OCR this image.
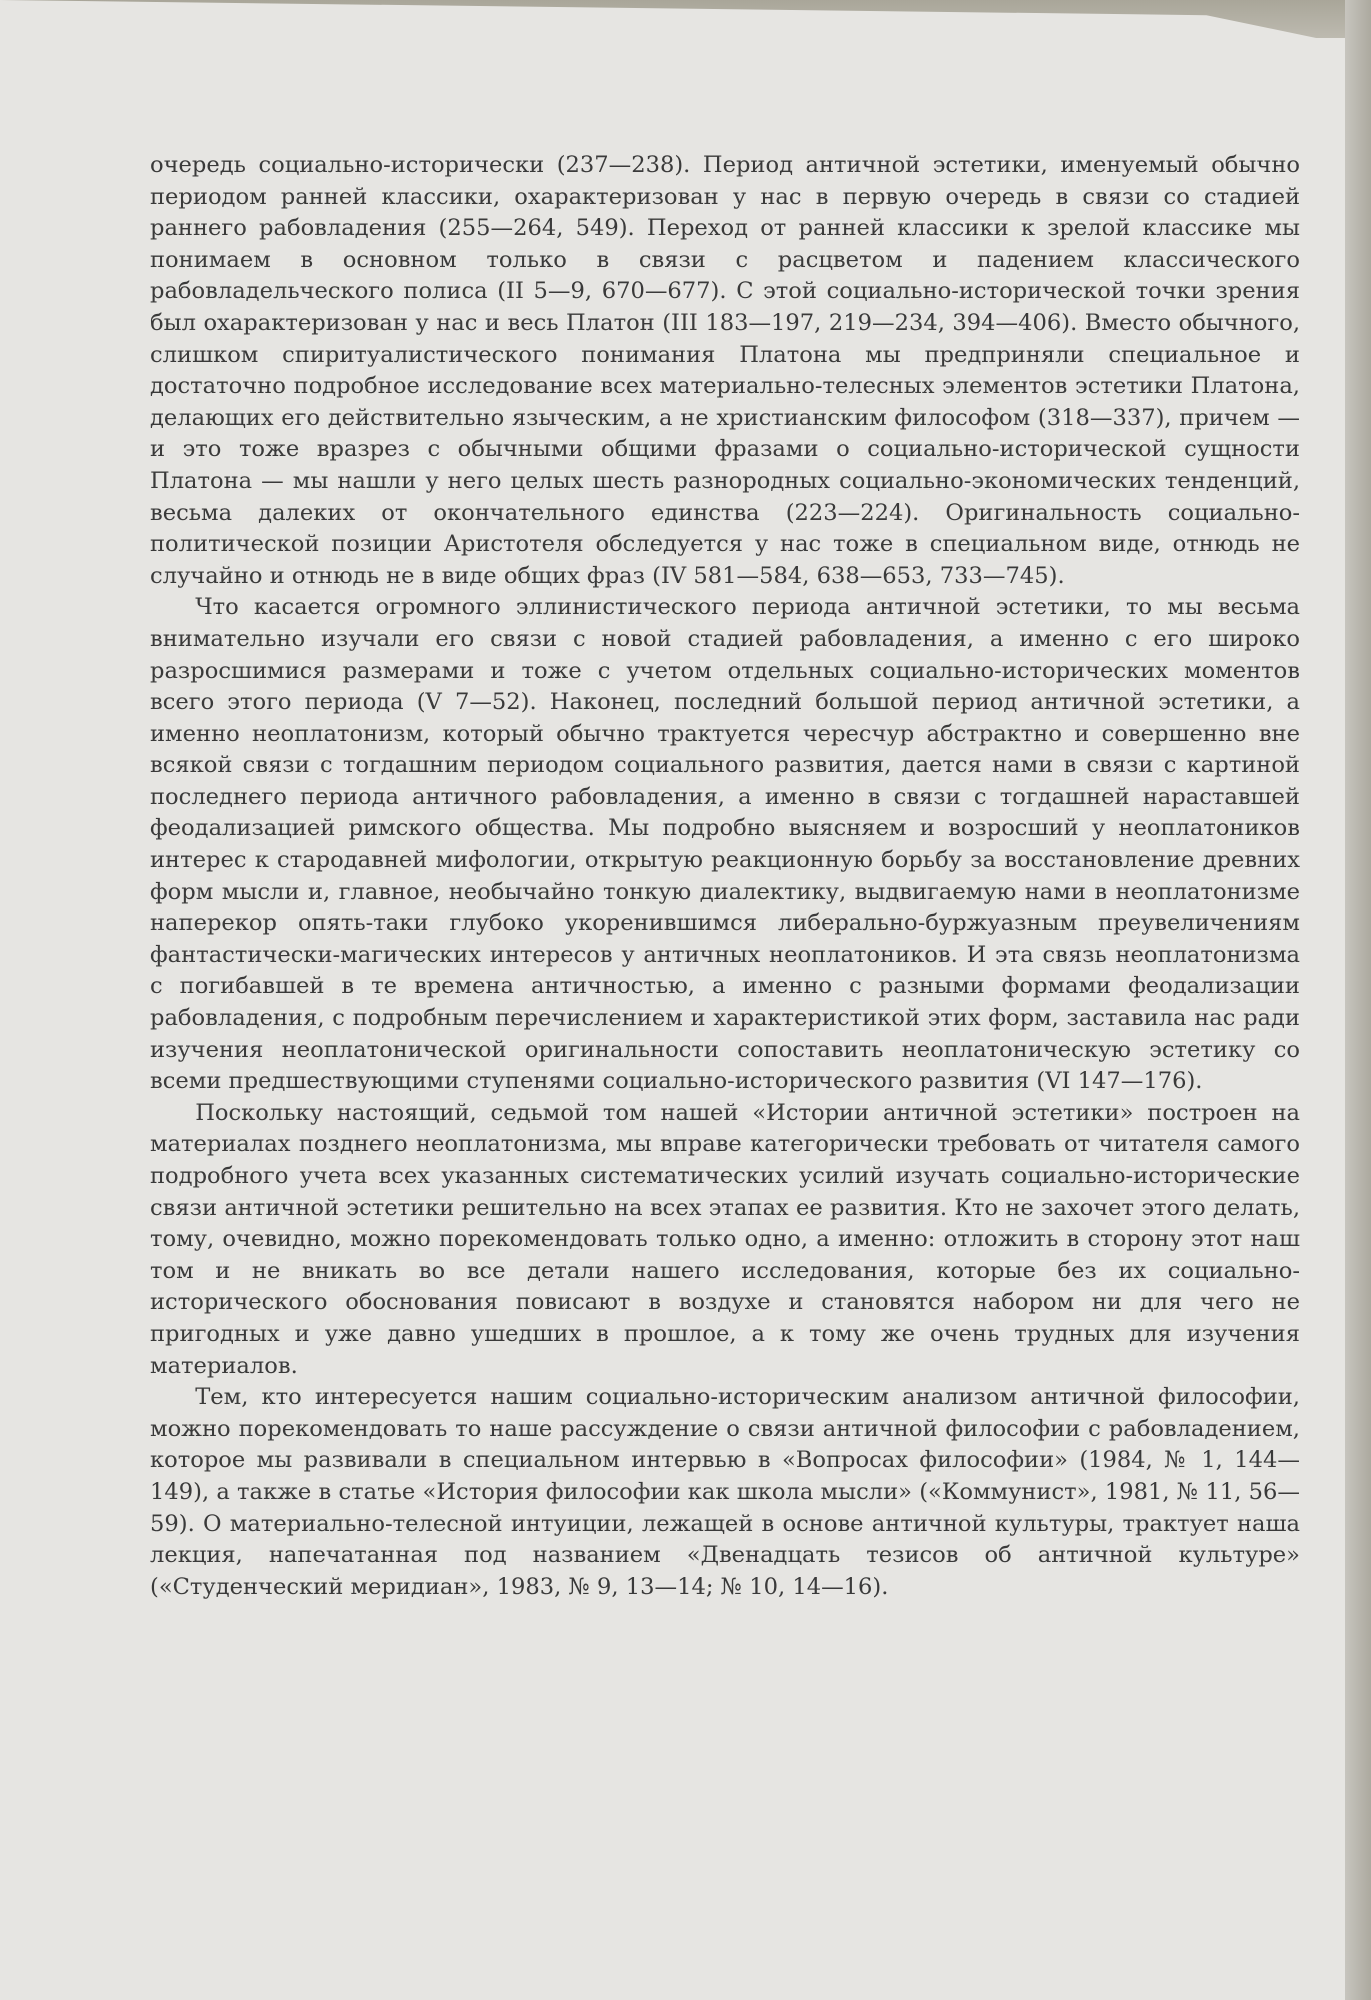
очередь социально-исторически (237—238). Период античной эстетики, именуемый обычно периодом ранней классики, охарактеризован у нас в первую очередь в связи со стадией раннего рабовладения (255—264, 549). Переход от ранней классики к зрелой классике мы понимаем в основном только в связи с расцветом и падением классического рабовладельческого полиса (II 5—9, 670—677). С этой социально-исторической точки зрения был охарактеризован у нас и весь Платон (III 183—197, 219—234, 394—406). Вместо обычного, слишком спиритуалистического понимания Платона мы предприняли специальное и достаточно подробное исследование всех материально-телесных элементов эстетики Платона, делающих его действительно языческим, а не христианским философом (318—337), причем — и это тоже вразрез с обычными общими фразами о социально-исторической сущности Платона — мы нашли у него целых шесть разнородных социально-экономических тенденций, весьма далеких от окончательного единства (223—224). Оригинальность социально-политической позиции Аристотеля обследуется у нас тоже в специальном виде, отнюдь не случайно и отнюдь не в виде общих фраз (IV 581—584, 638—653, 733—745).

Что касается огромного эллинистического периода античной эстетики, то мы весьма внимательно изучали его связи с новой стадией рабовладения, а именно с его широко разросшимися размерами и тоже с учетом отдельных социально-исторических моментов всего этого периода (V 7—52). Наконец, последний большой период античной эстетики, а именно неоплатонизм, который обычно трактуется чересчур абстрактно и совершенно вне всякой связи с тогдашним периодом социального развития, дается нами в связи с картиной последнего периода античного рабовладения, а именно в связи с тогдашней нараставшей феодализацией римского общества. Мы подробно выясняем и возросший у неоплатоников интерес к стародавней мифологии, открытую реакционную борьбу за восстановление древних форм мысли и, главное, необычайно тонкую диалектику, выдвигаемую нами в неоплатонизме наперекор опять-таки глубоко укоренившимся либерально-буржуазным преувеличениям фантастически-магических интересов у античных неоплатоников. И эта связь неоплатонизма с погибавшей в те времена античностью, а именно с разными формами феодализации рабовладения, с подробным перечислением и характеристикой этих форм, заставила нас ради изучения неоплатонической оригинальности сопоставить неоплатоническую эстетику со всеми предшествующими ступенями социально-исторического развития (VI 147—176).

Поскольку настоящий, седьмой том нашей «Истории античной эстетики» построен на материалах позднего неоплатонизма, мы вправе категорически требовать от читателя самого подробного учета всех указанных систематических усилий изучать социально-исторические связи античной эстетики решительно на всех этапах ее развития. Кто не захочет этого делать, тому, очевидно, можно порекомендовать только одно, а именно: отложить в сторону этот наш том и не вникать во все детали нашего исследования, которые без их социально-исторического обоснования повисают в воздухе и становятся набором ни для чего не пригодных и уже давно ушедших в прошлое, а к тому же очень трудных для изучения материалов.

Тем, кто интересуется нашим социально-историческим анализом античной философии, можно порекомендовать то наше рассуждение о связи античной философии с рабовладением, которое мы развивали в специальном интервью в «Вопросах философии» (1984, № 1, 144—149), а также в статье «История философии как школа мысли» («Коммунист», 1981, № 11, 56—59). О материально-телесной интуиции, лежащей в основе античной культуры, трактует наша лекция, напечатанная под названием «Двенадцать тезисов об античной культуре» («Студенческий меридиан», 1983, № 9, 13—14; № 10, 14—16).
